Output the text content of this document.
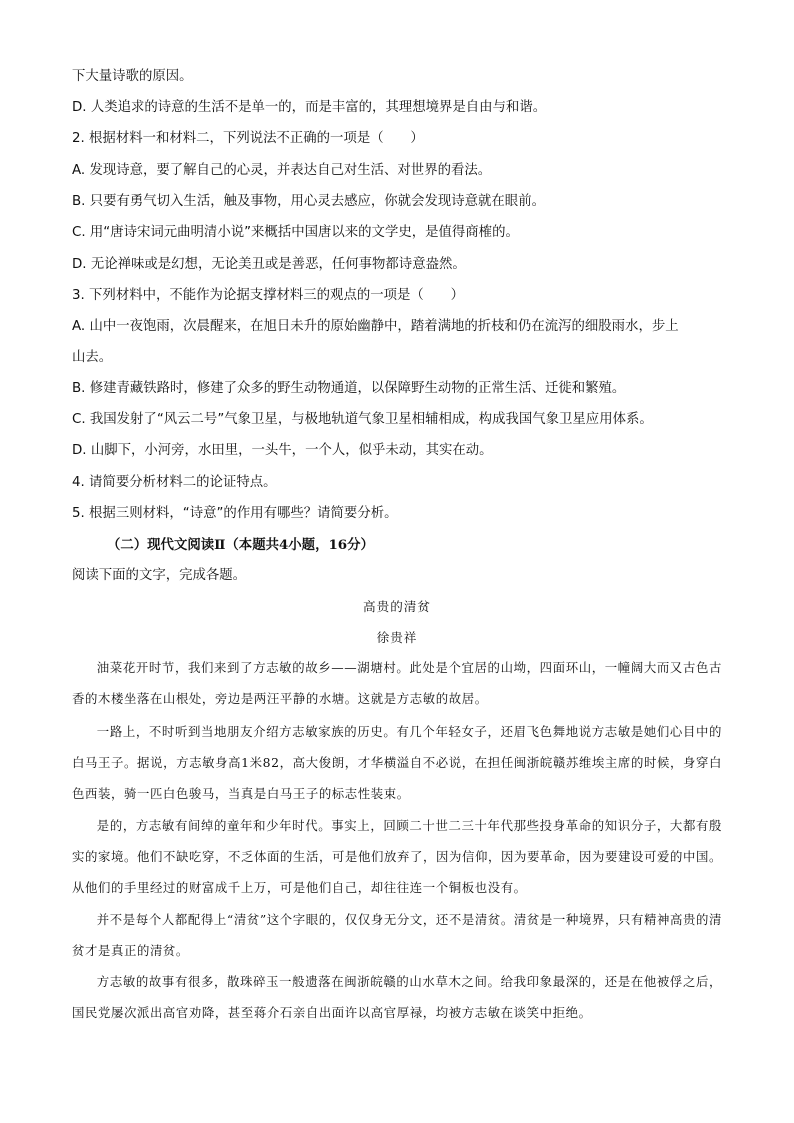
下大量诗歌的原因。
D. 人类追求的诗意的生活不是单一的，而是丰富的，其理想境界是自由与和谐。
2. 根据材料一和材料二，下列说法不正确的一项是（　　）
A. 发现诗意，要了解自己的心灵，并表达自己对生活、对世界的看法。
B. 只要有勇气切入生活，触及事物，用心灵去感应，你就会发现诗意就在眼前。
C. 用“唐诗宋词元曲明清小说”来概括中国唐以来的文学史，是值得商榷的。
D. 无论禅味或是幻想，无论美丑或是善恶，任何事物都诗意盎然。
3. 下列材料中，不能作为论据支撑材料三的观点的一项是（　　）
A. 山中一夜饱雨，次晨醒来，在旭日未升的原始幽静中，踏着满地的折枝和仍在流泻的细股雨水，步上
山去。
B. 修建青藏铁路时，修建了众多的野生动物通道，以保障野生动物的正常生活、迁徙和繁殖。
C. 我国发射了“风云二号”气象卫星，与极地轨道气象卫星相辅相成，构成我国气象卫星应用体系。
D. 山脚下，小河旁，水田里，一头牛，一个人，似乎未动，其实在动。
4. 请简要分析材料二的论证特点。
5. 根据三则材料，“诗意”的作用有哪些？请简要分析。
（二）现代文阅读Ⅱ（本题共4小题，16分）
阅读下面的文字，完成各题。
高贵的清贫
徐贵祥

油菜花开时节，我们来到了方志敏的故乡——湖塘村。此处是个宜居的山坳，四面环山，一幢阔大而又古色古香的木楼坐落在山根处，旁边是两汪平静的水塘。这就是方志敏的故居。

一路上，不时听到当地朋友介绍方志敏家族的历史。有几个年轻女子，还眉飞色舞地说方志敏是她们心目中的白马王子。据说，方志敏身高1米82，高大俊朗，才华横溢自不必说，在担任闽浙皖赣苏维埃主席的时候，身穿白色西装，骑一匹白色骏马，当真是白马王子的标志性装束。

是的，方志敏有间绰的童年和少年时代。事实上，回顾二十世二三十年代那些投身革命的知识分子，大都有殷实的家境。他们不缺吃穿，不乏体面的生活，可是他们放弃了，因为信仰，因为要革命，因为要建设可爱的中国。从他们的手里经过的财富成千上万，可是他们自己，却往往连一个铜板也没有。

并不是每个人都配得上“清贫”这个字眼的，仅仅身无分文，还不是清贫。清贫是一种境界，只有精神高贵的清贫才是真正的清贫。

方志敏的故事有很多，散珠碎玉一般遗落在闽浙皖赣的山水草木之间。给我印象最深的，还是在他被俘之后，国民党屡次派出高官劝降，甚至蒋介石亲自出面许以高官厚禄，均被方志敏在谈笑中拒绝。
